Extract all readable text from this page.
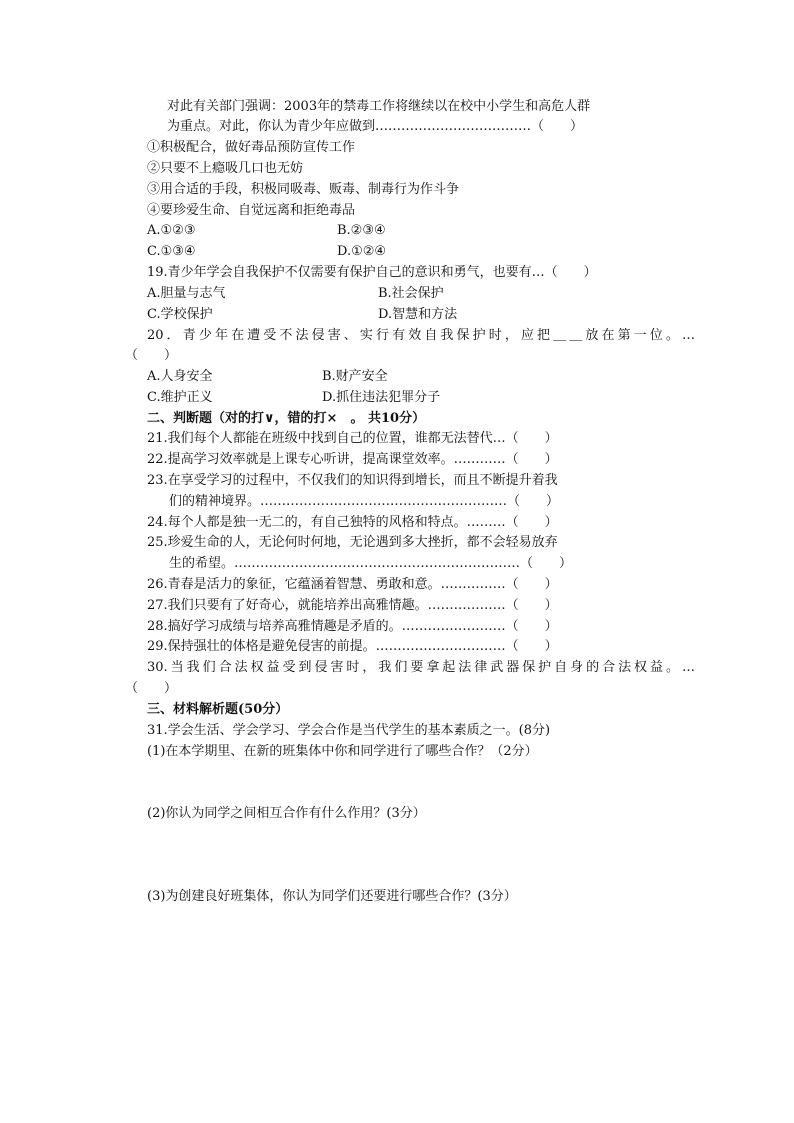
对此有关部门强调：2003年的禁毒工作将继续以在校中小学生和高危人群
为重点。对此，你认为青少年应做到………………………………（　　）
①积极配合，做好毒品预防宣传工作
②只要不上瘾吸几口也无妨
③用合适的手段，积极同吸毒、贩毒、制毒行为作斗争
④要珍爱生命、自觉远离和拒绝毒品
A.①②③	B.②③④
C.①③④	D.①②④
19.青少年学会自我保护不仅需要有保护自己的意识和勇气，也要有…（　　）
A.胆量与志气	B.社会保护
C.学校保护	D.智慧和方法
20．青少年在遭受不法侵害、实行有效自我保护时，应把＿＿放在第一位。…
（　　）
A.人身安全	B.财产安全
C.维护正义	D.抓住违法犯罪分子
二、判断题（对的打∨，错的打×　。 共10分）
21.我们每个人都能在班级中找到自己的位置，谁都无法替代…（　　）
22.提高学习效率就是上课专心听讲，提高课堂效率。…………（　　）
23.在享受学习的过程中，不仅我们的知识得到增长，而且不断提升着我
们的精神境界。…………………………………………………（　　）
24.每个人都是独一无二的，有自己独特的风格和特点。………（　　）
25.珍爱生命的人，无论何时何地，无论遇到多大挫折，都不会轻易放弃
生的希望。…………………………………………………………（　　）
26.青春是活力的象征，它蕴涵着智慧、勇敢和意。……………（　　）
27.我们只要有了好奇心，就能培养出高雅情趣。………………（　　）
28.搞好学习成绩与培养高雅情趣是矛盾的。……………………（　　）
29.保持强壮的体格是避免侵害的前提。…………………………（　　）
30.当我们合法权益受到侵害时，我们要拿起法律武器保护自身的合法权益。…
（　　）
三、材料解析题(50分）
31.学会生活、学会学习、学会合作是当代学生的基本素质之一。(8分)
(1)在本学期里、在新的班集体中你和同学进行了哪些合作？（2分）
(2)你认为同学之间相互合作有什么作用？(3分）
(3)为创建良好班集体，你认为同学们还要进行哪些合作？(3分）
